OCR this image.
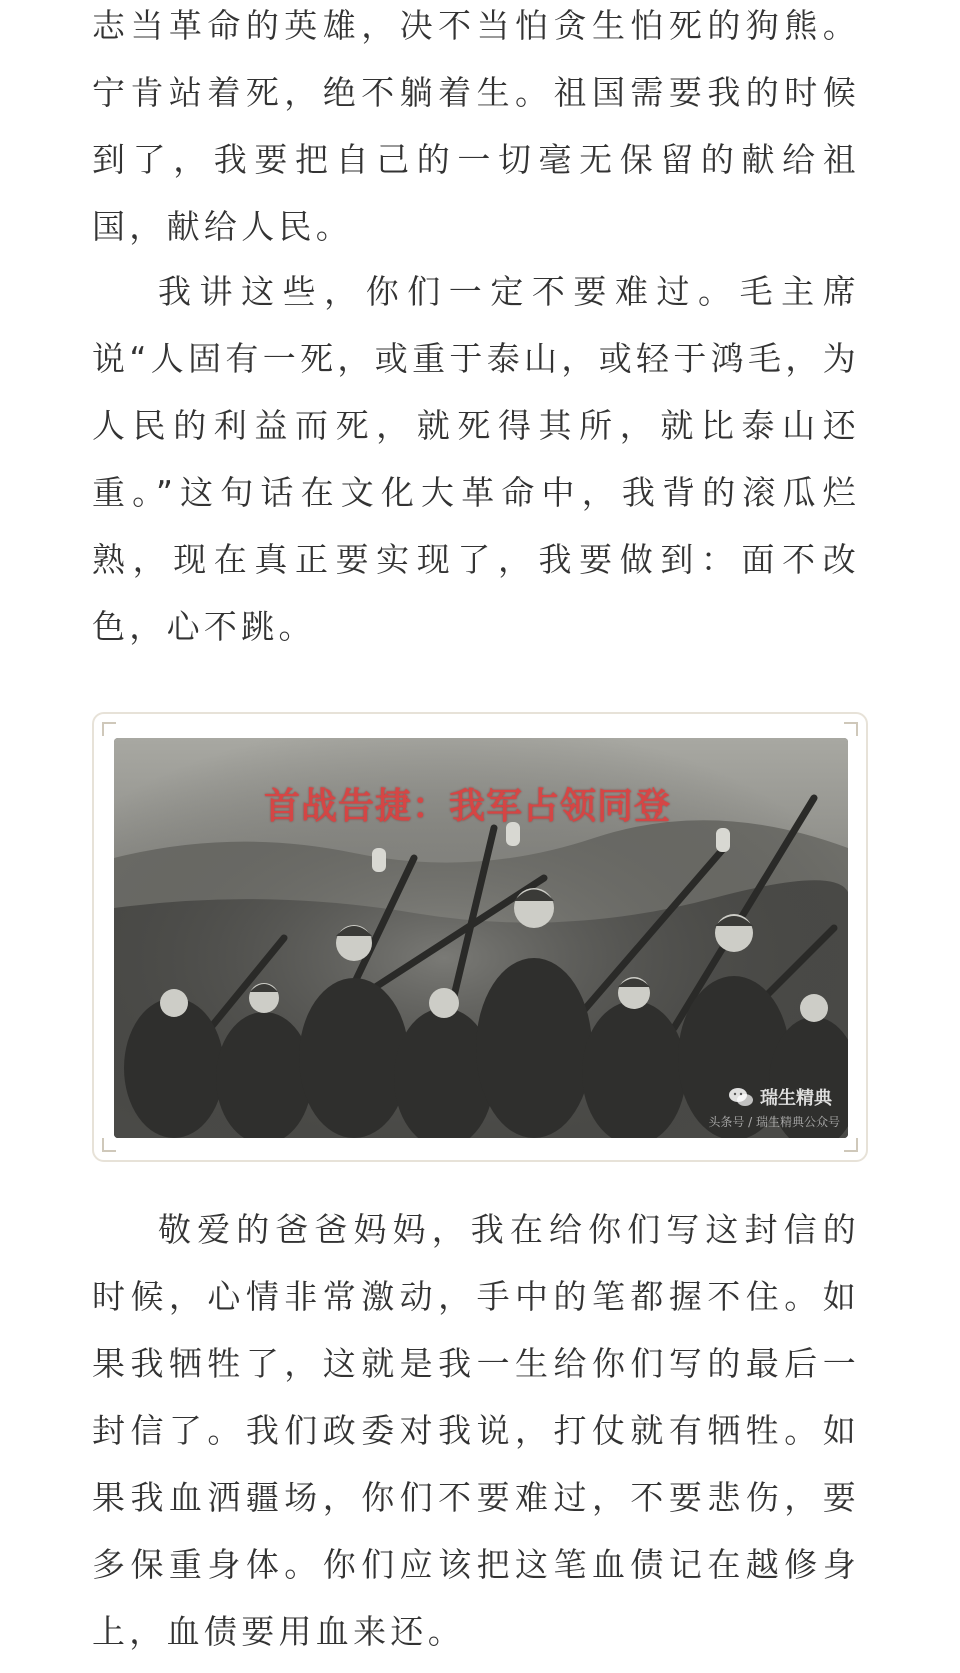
志当革命的英雄，决不当怕贪生怕死的狗熊。宁肯站着死，绝不躺着生。祖国需要我的时候到了，我要把自己的一切毫无保留的献给祖国，献给人民。

我讲这些，你们一定不要难过。毛主席说“人固有一死，或重于泰山，或轻于鸿毛，为人民的利益而死，就死得其所，就比泰山还重。”这句话在文化大革命中，我背的滚瓜烂熟，现在真正要实现了，我要做到：面不改色，心不跳。

敬爱的爸爸妈妈，我在给你们写这封信的时候，心情非常激动，手中的笔都握不住。如果我牺牲了，这就是我一生给你们写的最后一封信了。我们政委对我说，打仗就有牺牲。如果我血洒疆场，你们不要难过，不要悲伤，要多保重身体。你们应该把这笔血债记在越修身上，血债要用血来还。

首战告捷：我军占领同登
瑞生精典
头条号 / 瑞生精典公众号
